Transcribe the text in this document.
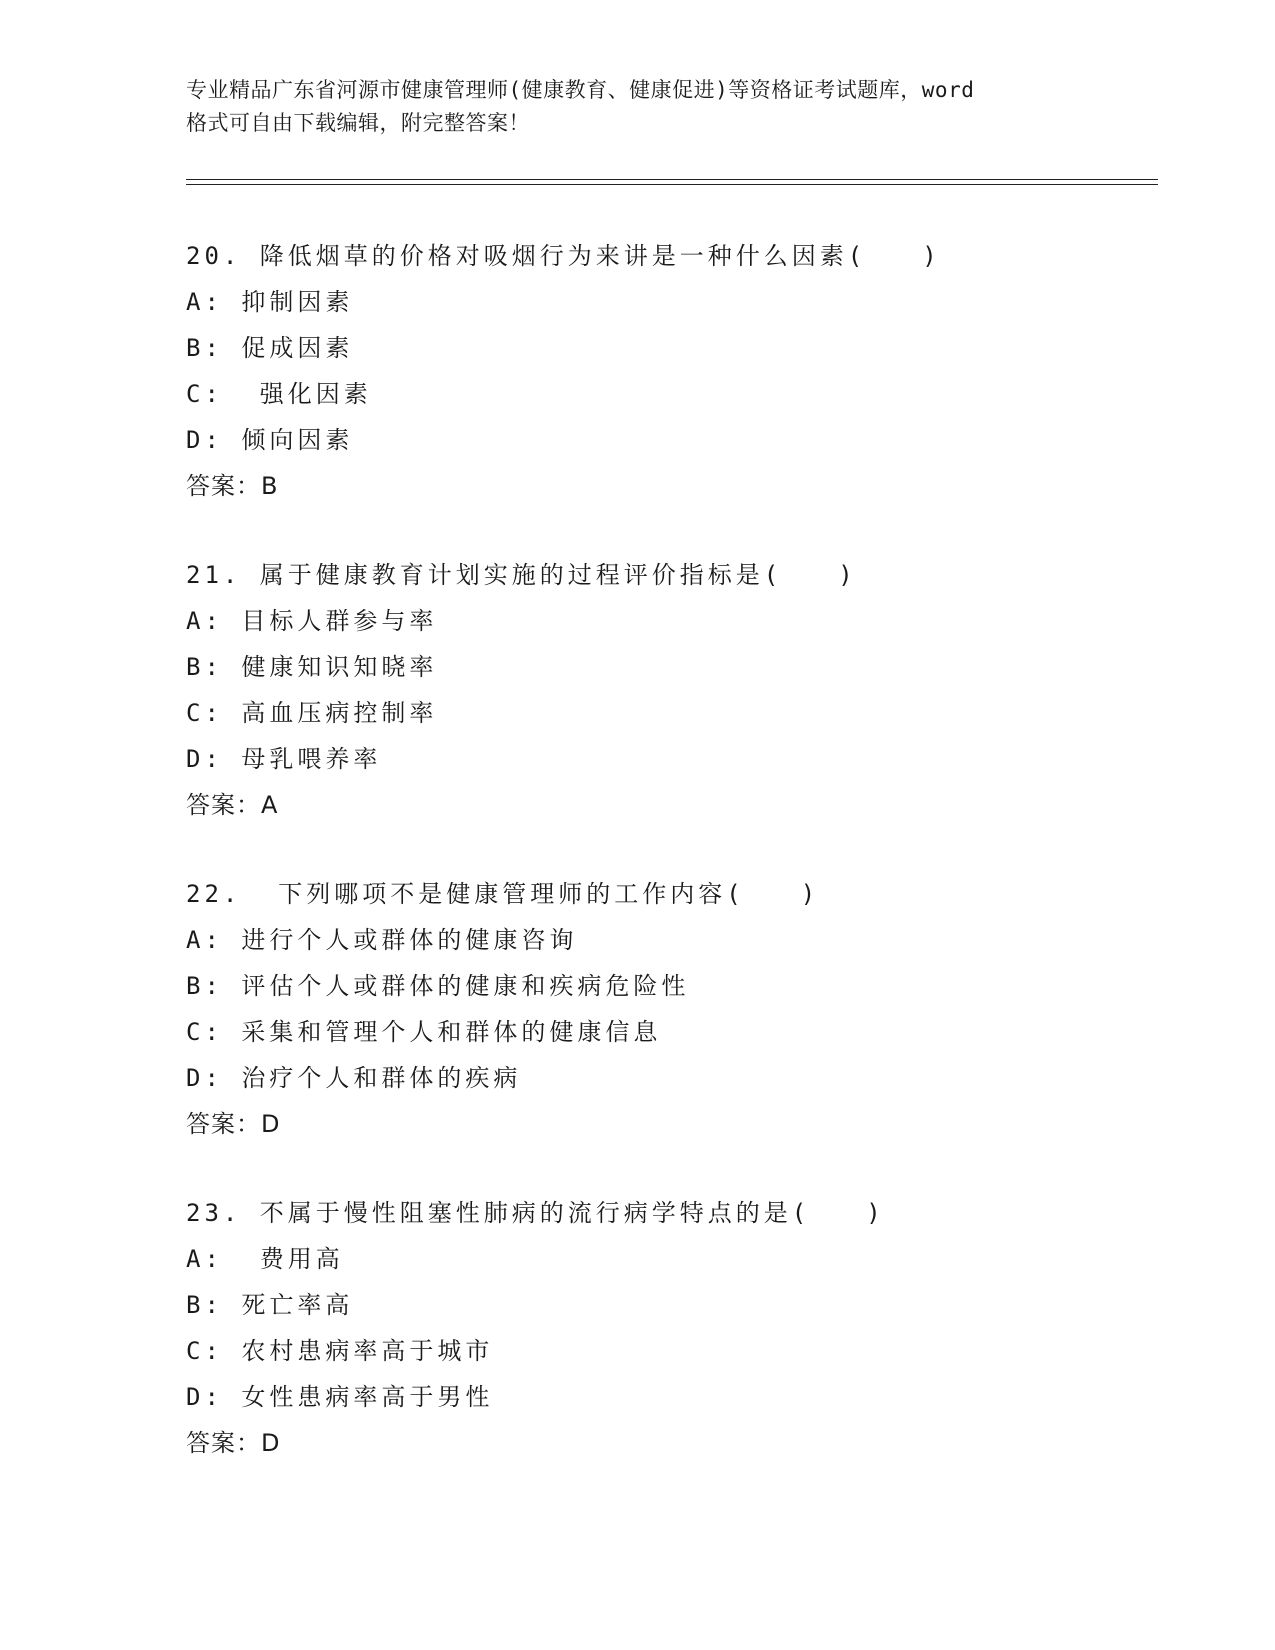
专业精品广东省河源市健康管理师(健康教育、健康促进)等资格证考试题库，word
格式可自由下载编辑，附完整答案！
20. 降低烟草的价格对吸烟行为来讲是一种什么因素(　　)
A: 抑制因素
B: 促成因素
C:  强化因素
D: 倾向因素
答案：B
21. 属于健康教育计划实施的过程评价指标是(　　)
A: 目标人群参与率
B: 健康知识知晓率
C: 高血压病控制率
D: 母乳喂养率
答案：A
22.  下列哪项不是健康管理师的工作内容(　　)
A: 进行个人或群体的健康咨询
B: 评估个人或群体的健康和疾病危险性
C: 采集和管理个人和群体的健康信息
D: 治疗个人和群体的疾病
答案：D
23. 不属于慢性阻塞性肺病的流行病学特点的是(　　)
A:  费用高
B: 死亡率高
C: 农村患病率高于城市
D: 女性患病率高于男性
答案：D
